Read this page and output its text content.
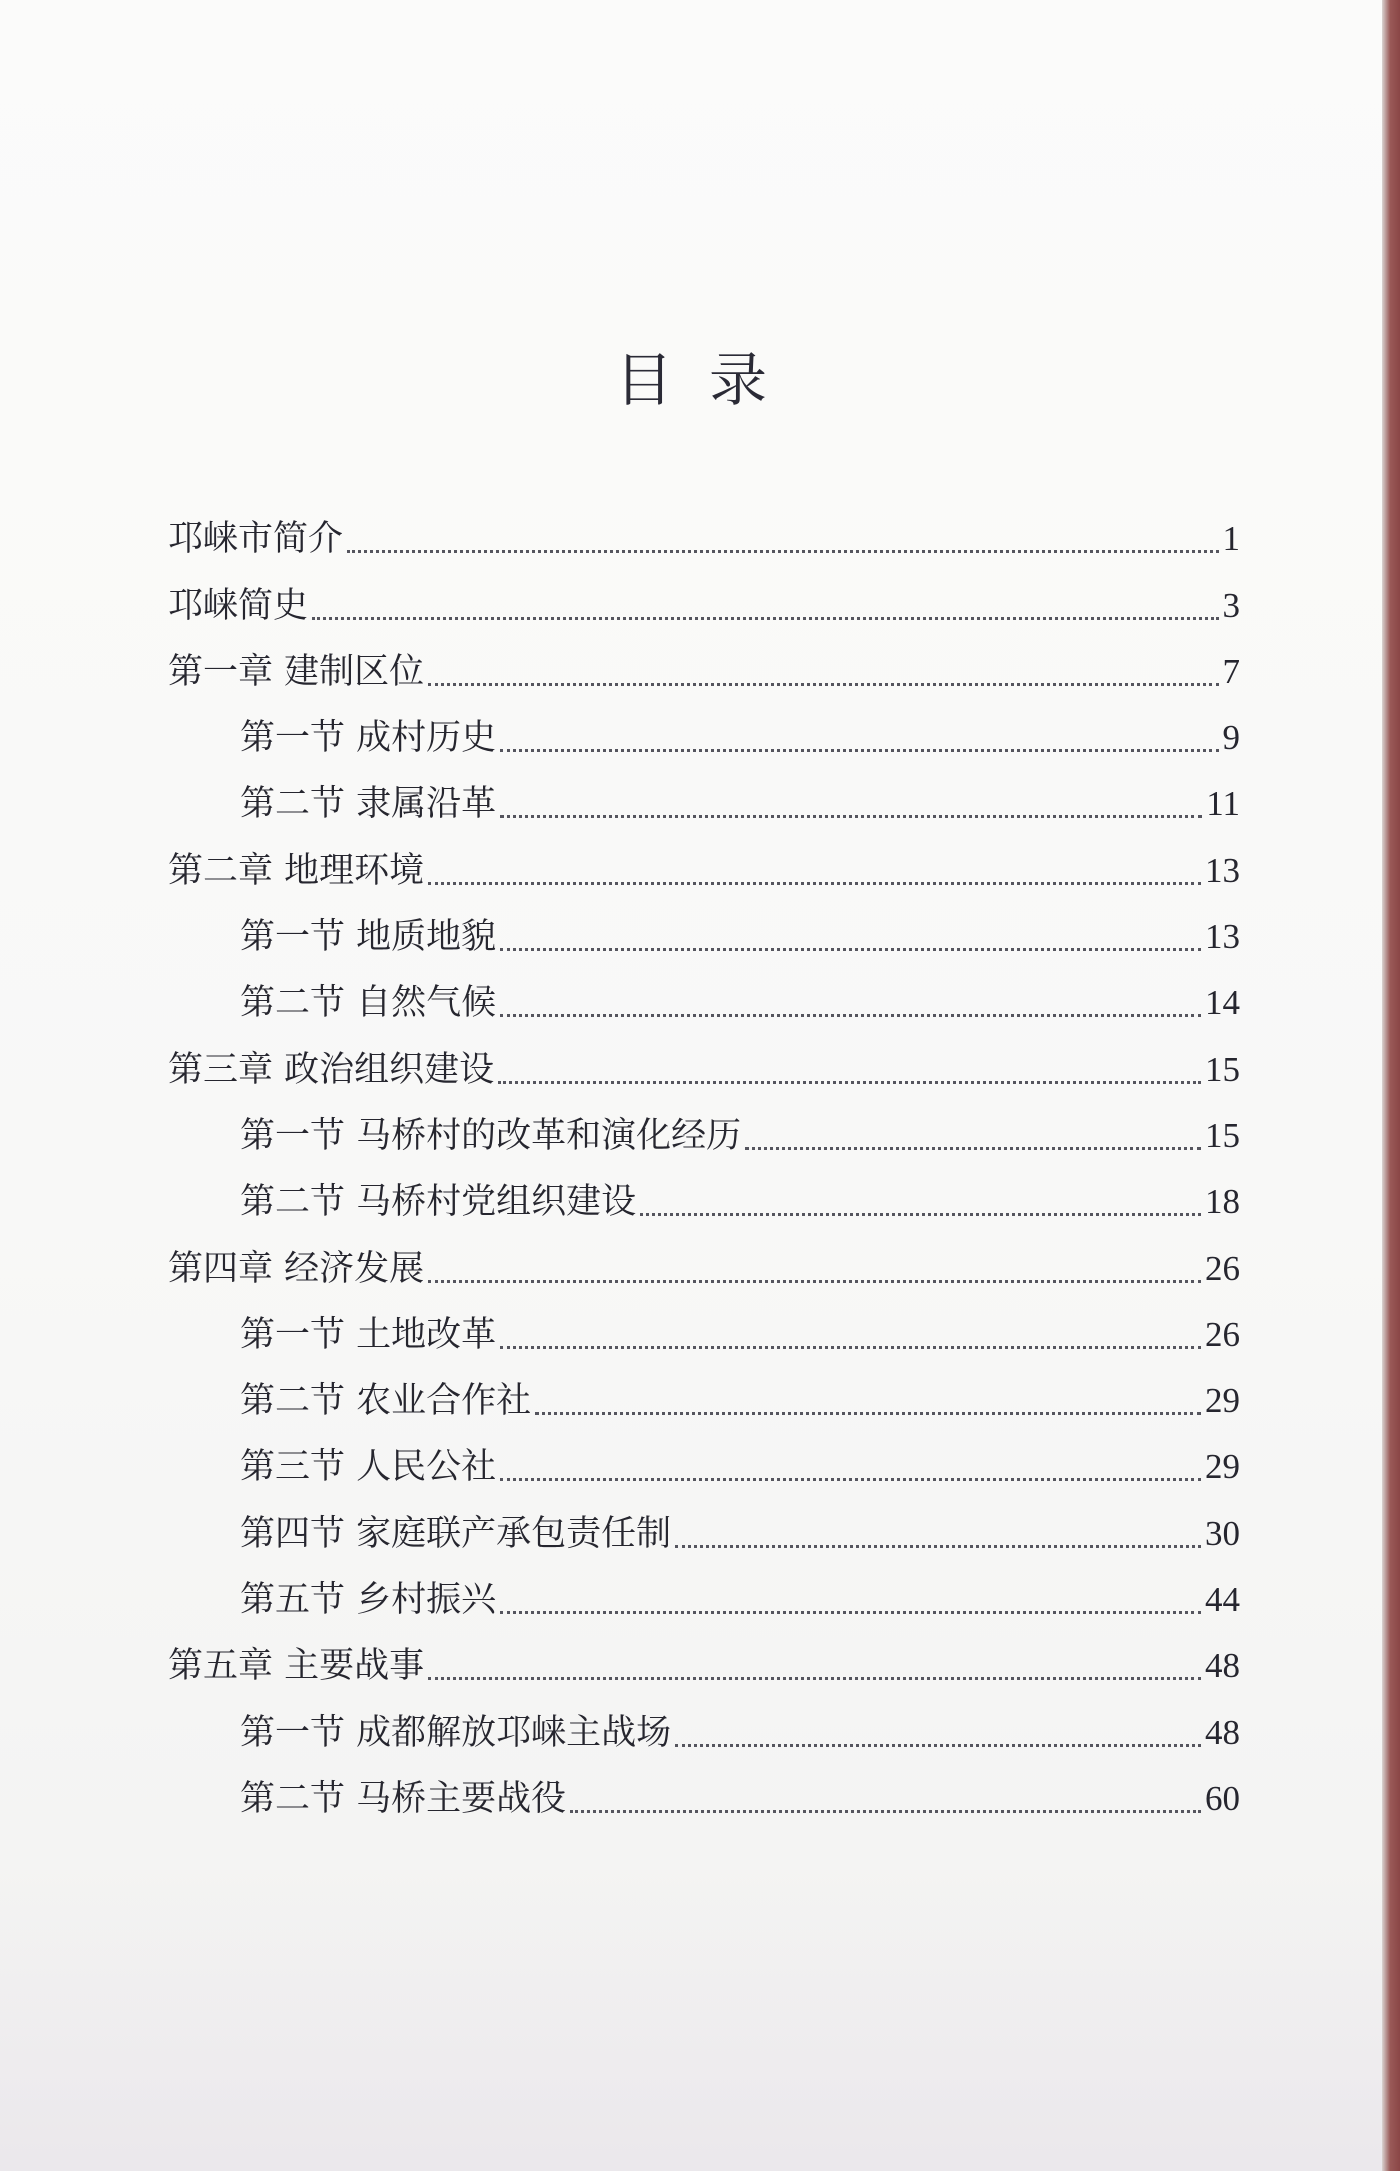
目录
邛崃市简介	1
邛崃简史	3
第一章 建制区位	7
第一节 成村历史	9
第二节 隶属沿革	11
第二章 地理环境	13
第一节 地质地貌	13
第二节 自然气候	14
第三章 政治组织建设	15
第一节 马桥村的改革和演化经历	15
第二节 马桥村党组织建设	18
第四章 经济发展	26
第一节 土地改革	26
第二节 农业合作社	29
第三节 人民公社	29
第四节 家庭联产承包责任制	30
第五节 乡村振兴	44
第五章 主要战事	48
第一节 成都解放邛崃主战场	48
第二节 马桥主要战役	60
